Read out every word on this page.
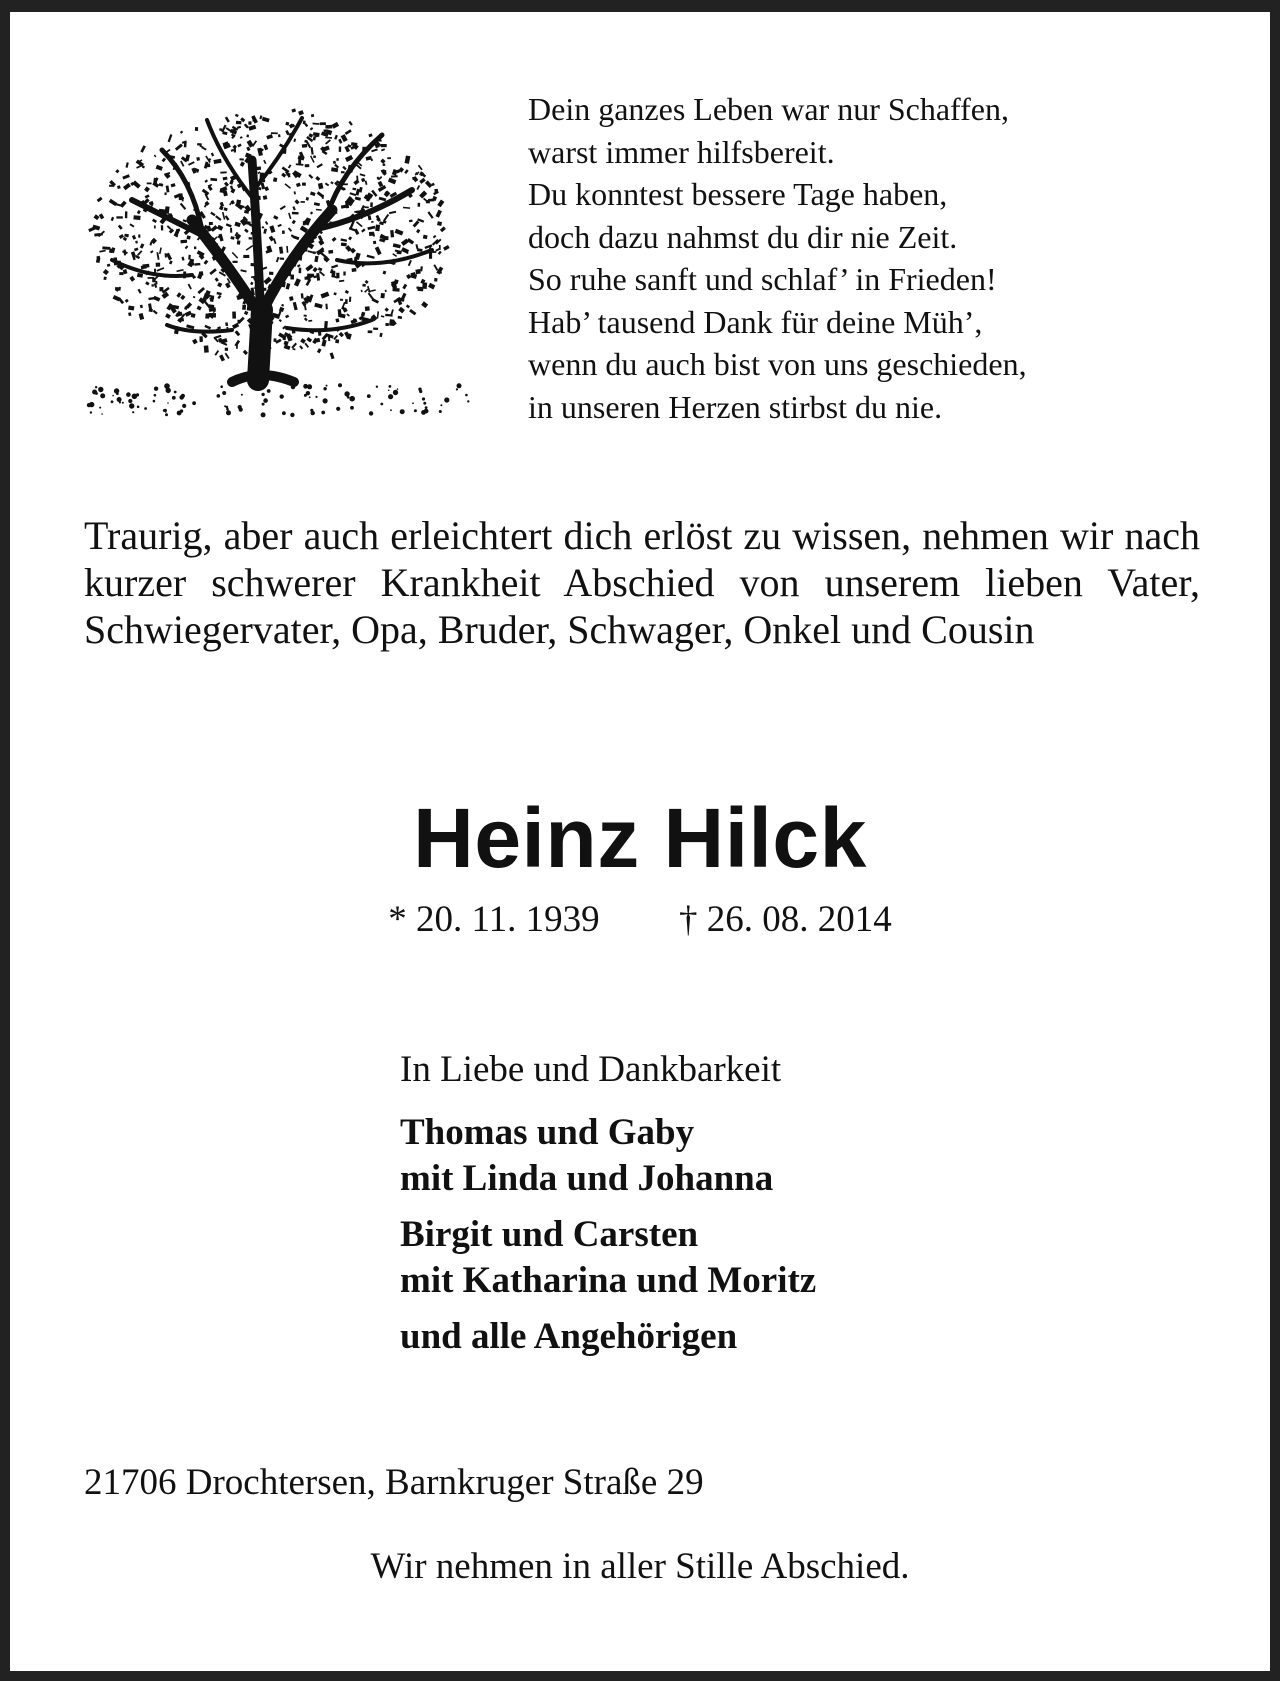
Dein ganzes Leben war nur Schaffen,
warst immer hilfsbereit.
Du konntest bessere Tage haben,
doch dazu nahmst du dir nie Zeit.
So ruhe sanft und schlaf’ in Frieden!
Hab’ tausend Dank für deine Müh’,
wenn du auch bist von uns geschieden,
in unseren Herzen stirbst du nie.

Traurig, aber auch erleichtert dich erlöst zu wissen, nehmen wir nach kurzer schwerer Krankheit Abschied von unserem lieben Vater, Schwiegervater, Opa, Bruder, Schwager, Onkel und Cousin

Heinz Hilck
* 20. 11. 1939 † 26. 08. 2014
In Liebe und Dankbarkeit
Thomas und Gaby
mit Linda und Johanna
Birgit und Carsten
mit Katharina und Moritz
und alle Angehörigen
21706 Drochtersen, Barnkruger Straße 29
Wir nehmen in aller Stille Abschied.
